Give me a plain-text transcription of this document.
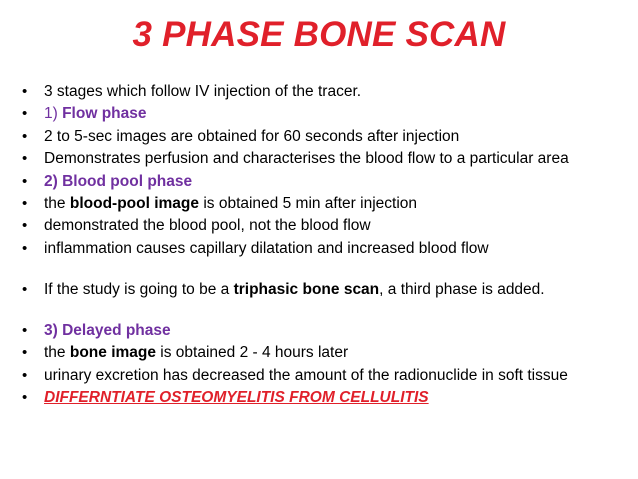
3 PHASE BONE SCAN
• 3 stages which follow IV injection of the tracer.
• 1) Flow phase
• 2 to 5-sec images are obtained for 60 seconds after injection
• Demonstrates perfusion and characterises the blood flow to a particular area
• 2) Blood pool phase
• the blood-pool image is obtained 5 min after injection
• demonstrated the blood pool, not the blood flow
• inflammation causes capillary dilatation and increased blood flow
• If the study is going to be a triphasic bone scan, a third phase is added.
• 3) Delayed phase
• the bone image is obtained 2 - 4 hours later
• urinary excretion has decreased the amount of the radionuclide in soft tissue
• DIFFERNTIATE OSTEOMYELITIS FROM CELLULITIS
